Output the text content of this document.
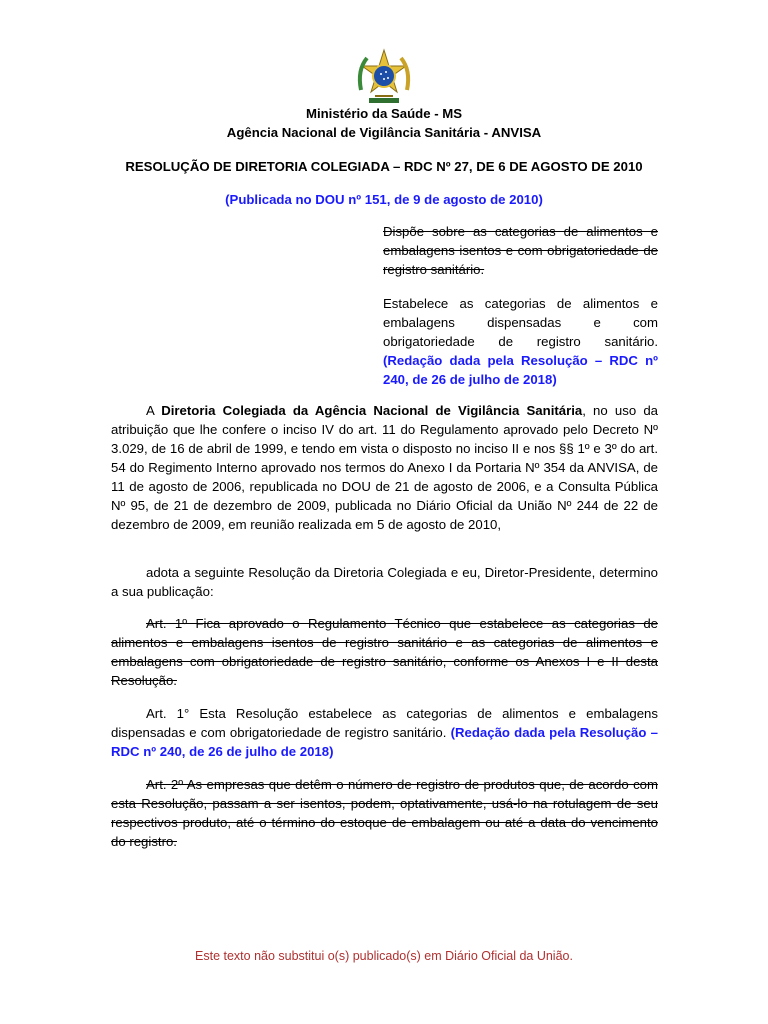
Ministério da Saúde - MS
Agência Nacional de Vigilância Sanitária - ANVISA
RESOLUÇÃO DE DIRETORIA COLEGIADA – RDC Nº 27, DE 6 DE AGOSTO DE 2010
(Publicada no DOU nº 151, de 9 de agosto de 2010)
Dispõe sobre as categorias de alimentos e embalagens isentos e com obrigatoriedade de registro sanitário.
Estabelece as categorias de alimentos e embalagens dispensadas e com obrigatoriedade de registro sanitário. (Redação dada pela Resolução – RDC nº 240, de 26 de julho de 2018)
A Diretoria Colegiada da Agência Nacional de Vigilância Sanitária, no uso da atribuição que lhe confere o inciso IV do art. 11 do Regulamento aprovado pelo Decreto Nº 3.029, de 16 de abril de 1999, e tendo em vista o disposto no inciso II e nos §§ 1º e 3º do art. 54 do Regimento Interno aprovado nos termos do Anexo I da Portaria Nº 354 da ANVISA, de 11 de agosto de 2006, republicada no DOU de 21 de agosto de 2006, e a Consulta Pública Nº 95, de 21 de dezembro de 2009, publicada no Diário Oficial da União Nº 244 de 22 de dezembro de 2009, em reunião realizada em 5 de agosto de 2010,
adota a seguinte Resolução da Diretoria Colegiada e eu, Diretor-Presidente, determino a sua publicação:
Art. 1º Fica aprovado o Regulamento Técnico que estabelece as categorias de alimentos e embalagens isentos de registro sanitário e as categorias de alimentos e embalagens com obrigatoriedade de registro sanitário, conforme os Anexos I e II desta Resolução.
Art. 1° Esta Resolução estabelece as categorias de alimentos e embalagens dispensadas e com obrigatoriedade de registro sanitário. (Redação dada pela Resolução – RDC nº 240, de 26 de julho de 2018)
Art. 2º As empresas que detêm o número de registro de produtos que, de acordo com esta Resolução, passam a ser isentos, podem, optativamente, usá-lo na rotulagem de seu respectivos produto, até o término do estoque de embalagem ou até a data do vencimento do registro.
Este texto não substitui o(s) publicado(s) em Diário Oficial da União.
